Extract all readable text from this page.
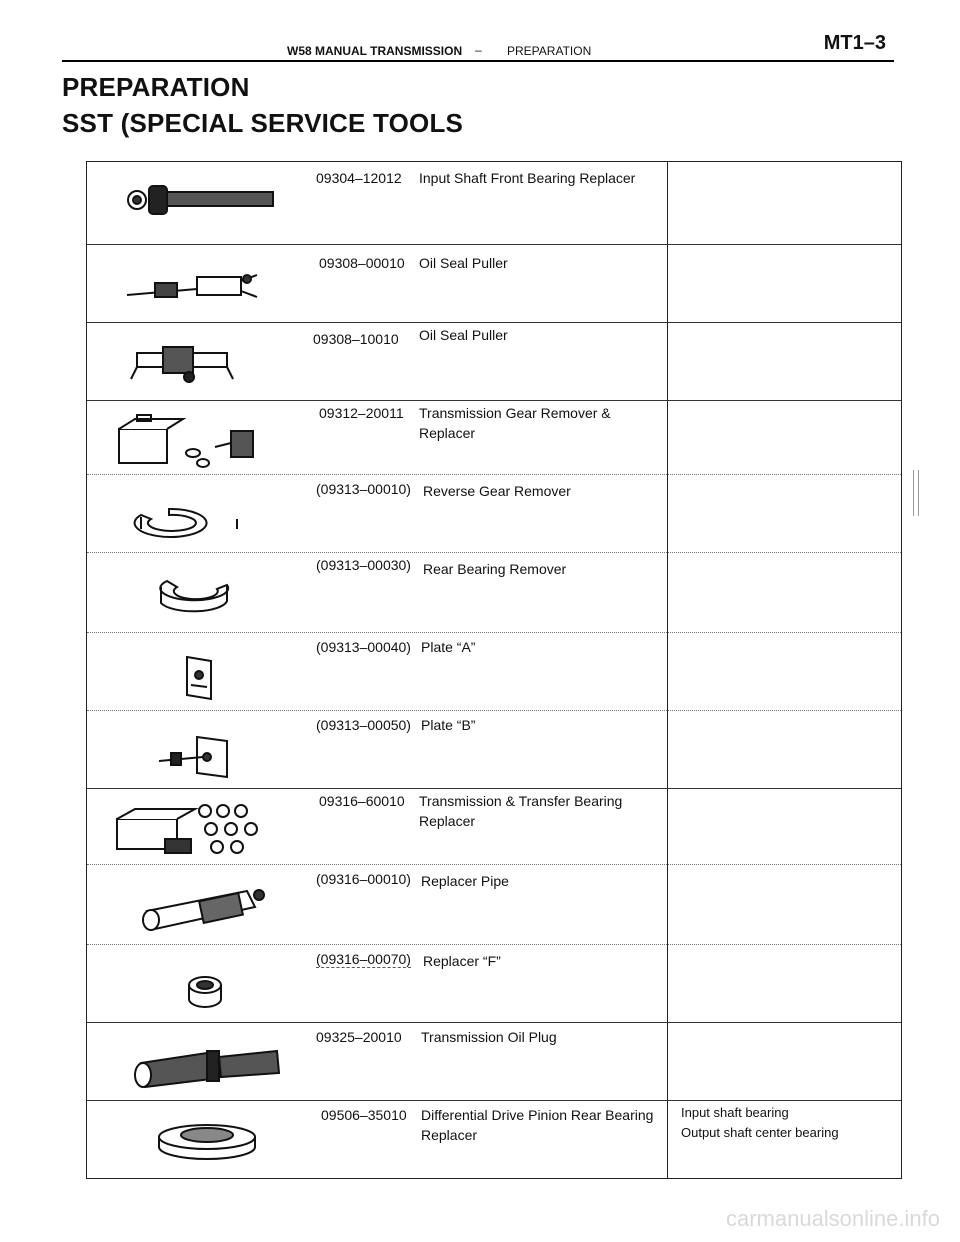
W58 MANUAL TRANSMISSION – PREPARATION	MT1–3
PREPARATION
SST (SPECIAL SERVICE TOOLS
09304–12012 Input Shaft Front Bearing Replacer
09308–00010 Oil Seal Puller
09308–10010 Oil Seal Puller
09312–20011 Transmission Gear Remover & Replacer
(09313–00010) Reverse Gear Remover
(09313–00030) Rear Bearing Remover
(09313–00040) Plate “A”
(09313–00050) Plate “B”
09316–60010 Transmission & Transfer Bearing Replacer
(09316–00010) Replacer Pipe
(09316–00070) Replacer “F”
09325–20010 Transmission Oil Plug
09506–35010 Differential Drive Pinion Rear Bearing Replacer
Input shaft bearing
Output shaft center bearing
carmanualsonline.info
